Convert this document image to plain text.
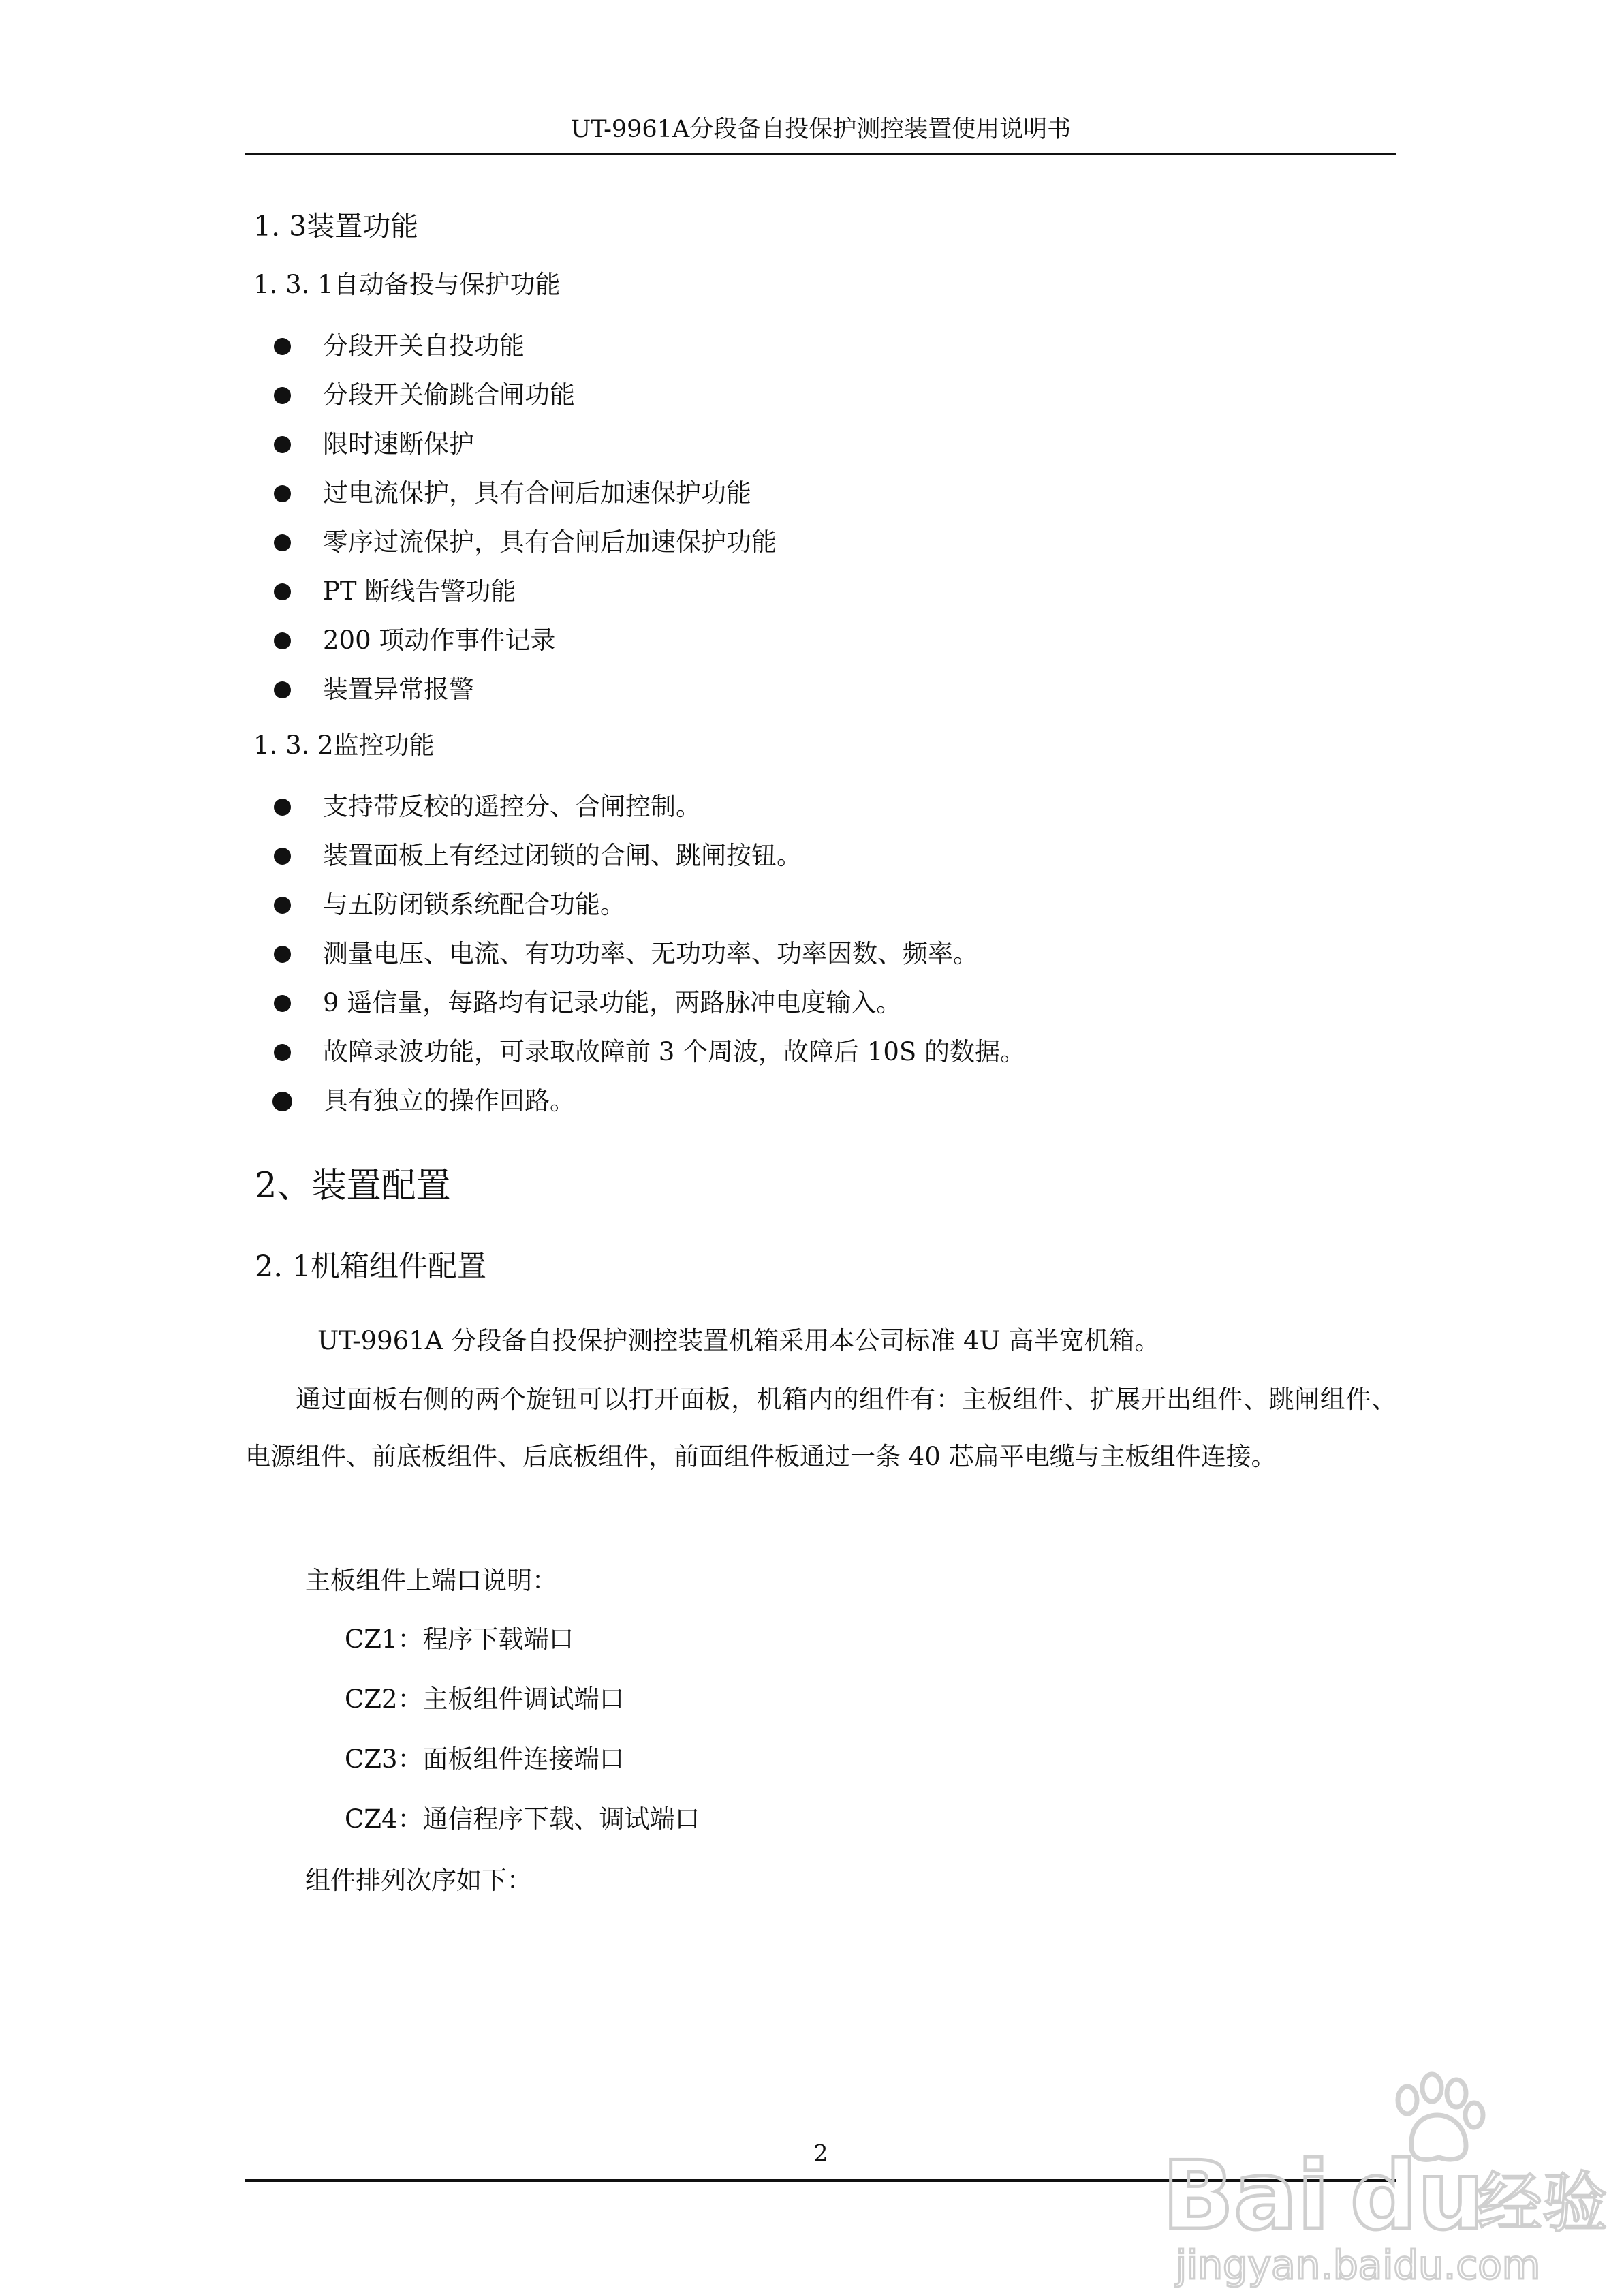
UT-9961A分段备自投保护测控装置使用说明书
1. 3装置功能
1. 3. 1自动备投与保护功能
分段开关自投功能
分段开关偷跳合闸功能
限时速断保护
过电流保护，具有合闸后加速保护功能
零序过流保护，具有合闸后加速保护功能
PT 断线告警功能
200 项动作事件记录
装置异常报警
1. 3. 2监控功能
支持带反校的遥控分、合闸控制。
装置面板上有经过闭锁的合闸、跳闸按钮。
与五防闭锁系统配合功能。
测量电压、电流、有功功率、无功功率、功率因数、频率。
9 遥信量，每路均有记录功能，两路脉冲电度输入。
故障录波功能，可录取故障前 3 个周波，故障后 10S 的数据。
具有独立的操作回路。
2、装置配置
2. 1机箱组件配置
UT-9961A 分段备自投保护测控装置机箱采用本公司标准 4U 高半宽机箱。
通过面板右侧的两个旋钮可以打开面板，机箱内的组件有：主板组件、扩展开出组件、跳闸组件、电源组件、前底板组件、后底板组件，前面组件板通过一条 40 芯扁平电缆与主板组件连接。
主板组件上端口说明：
CZ1：程序下载端口
CZ2：主板组件调试端口
CZ3：面板组件连接端口
CZ4：通信程序下载、调试端口
组件排列次序如下：
2	Bai du
经验
jingyan.baidu.com
